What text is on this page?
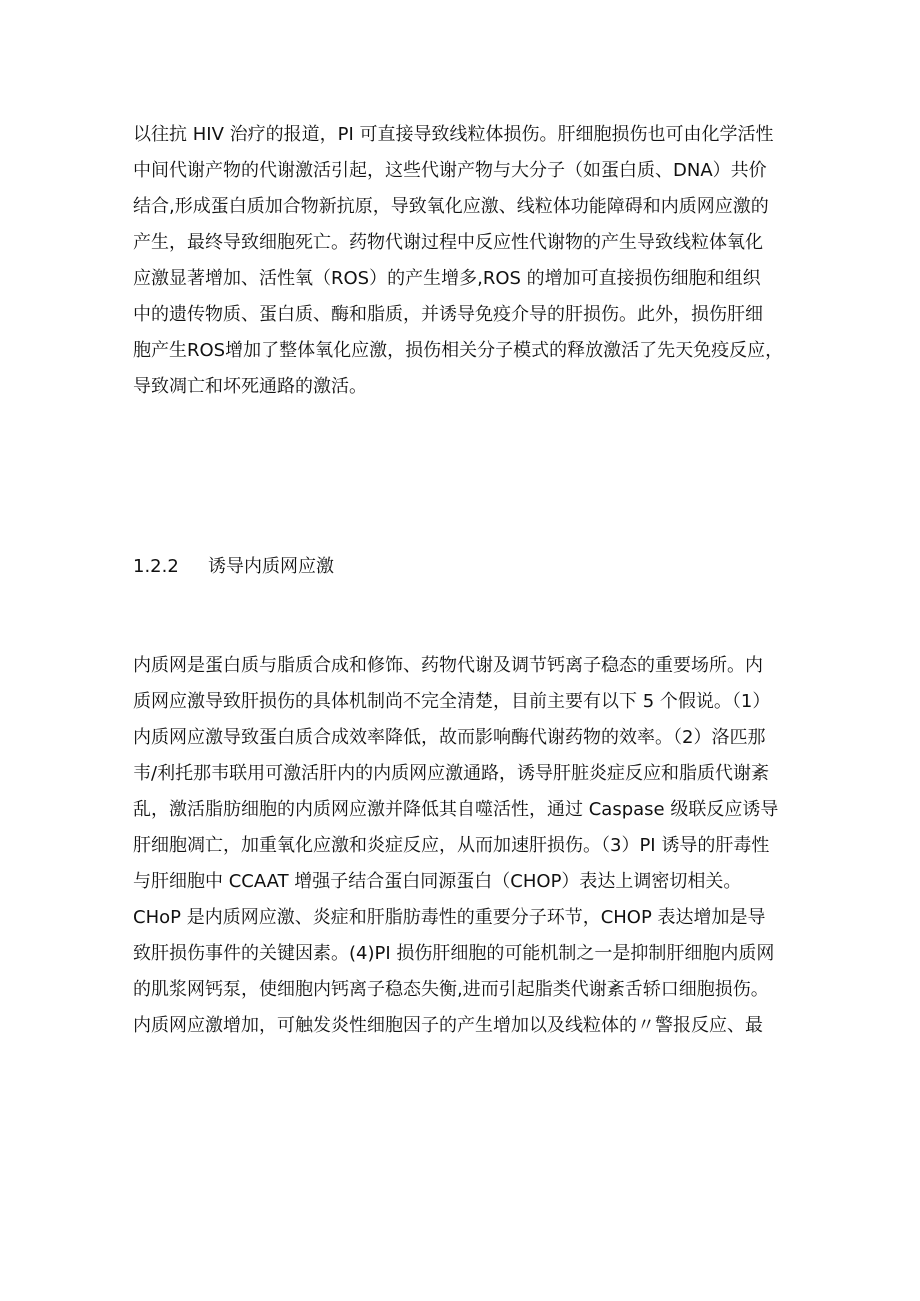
以往抗 HIV 治疗的报道，PI 可直接导致线粒体损伤。肝细胞损伤也可由化学活性
中间代谢产物的代谢激活引起，这些代谢产物与大分子（如蛋白质、DNA）共价
结合,形成蛋白质加合物新抗原，导致氧化应激、线粒体功能障碍和内质网应激的
产生，最终导致细胞死亡。药物代谢过程中反应性代谢物的产生导致线粒体氧化
应激显著增加、活性氧（ROS）的产生增多,ROS 的增加可直接损伤细胞和组织
中的遗传物质、蛋白质、酶和脂质，并诱导免疫介导的肝损伤。此外，损伤肝细
胞产生ROS增加了整体氧化应激，损伤相关分子模式的释放激活了先天免疫反应，
导致凋亡和坏死通路的激活。
1.2.2 诱导内质网应激
内质网是蛋白质与脂质合成和修饰、药物代谢及调节钙离子稳态的重要场所。内
质网应激导致肝损伤的具体机制尚不完全清楚，目前主要有以下 5 个假说。（1）
内质网应激导致蛋白质合成效率降低，故而影响酶代谢药物的效率。（2）洛匹那
韦/利托那韦联用可激活肝内的内质网应激通路，诱导肝脏炎症反应和脂质代谢紊
乱，激活脂肪细胞的内质网应激并降低其自噬活性，通过 Caspase 级联反应诱导
肝细胞凋亡，加重氧化应激和炎症反应，从而加速肝损伤。（3）PI 诱导的肝毒性
与肝细胞中 CCAAT 增强子结合蛋白同源蛋白（CHOP）表达上调密切相关。
CHoP 是内质网应激、炎症和肝脂肪毒性的重要分子环节，CHOP 表达增加是导
致肝损伤事件的关键因素。(4)PI 损伤肝细胞的可能机制之一是抑制肝细胞内质网
的肌浆网钙泵，使细胞内钙离子稳态失衡,进而引起脂类代谢紊舌轿口细胞损伤。
内质网应激增加，可触发炎性细胞因子的产生增加以及线粒体的〃警报反应、最
